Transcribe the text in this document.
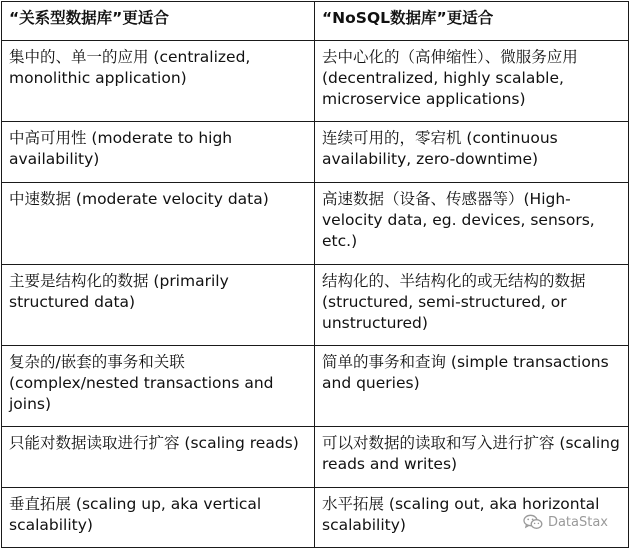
“关系型数据库”更适合	“NoSQL数据库”更适合
集中的、单一的应用 (centralized, monolithic application)	去中心化的（高伸缩性）、微服务应用 (decentralized, highly scalable, microservice applications)
中高可用性 (moderate to high availability)	连续可用的，零宕机 (continuous availability, zero-downtime)
中速数据 (moderate velocity data)	高速数据（设备、传感器等）(High-velocity data, eg. devices, sensors, etc.)
主要是结构化的数据 (primarily structured data)	结构化的、半结构化的或无结构的数据 (structured, semi-structured, or unstructured)
复杂的/嵌套的事务和关联 (complex/nested transactions and joins)	简单的事务和查询 (simple transactions and queries)
只能对数据读取进行扩容 (scaling reads)	可以对数据的读取和写入进行扩容 (scaling reads and writes)
垂直拓展 (scaling up, aka vertical scalability)	水平拓展 (scaling out, aka horizontal scalability)	DataStax
